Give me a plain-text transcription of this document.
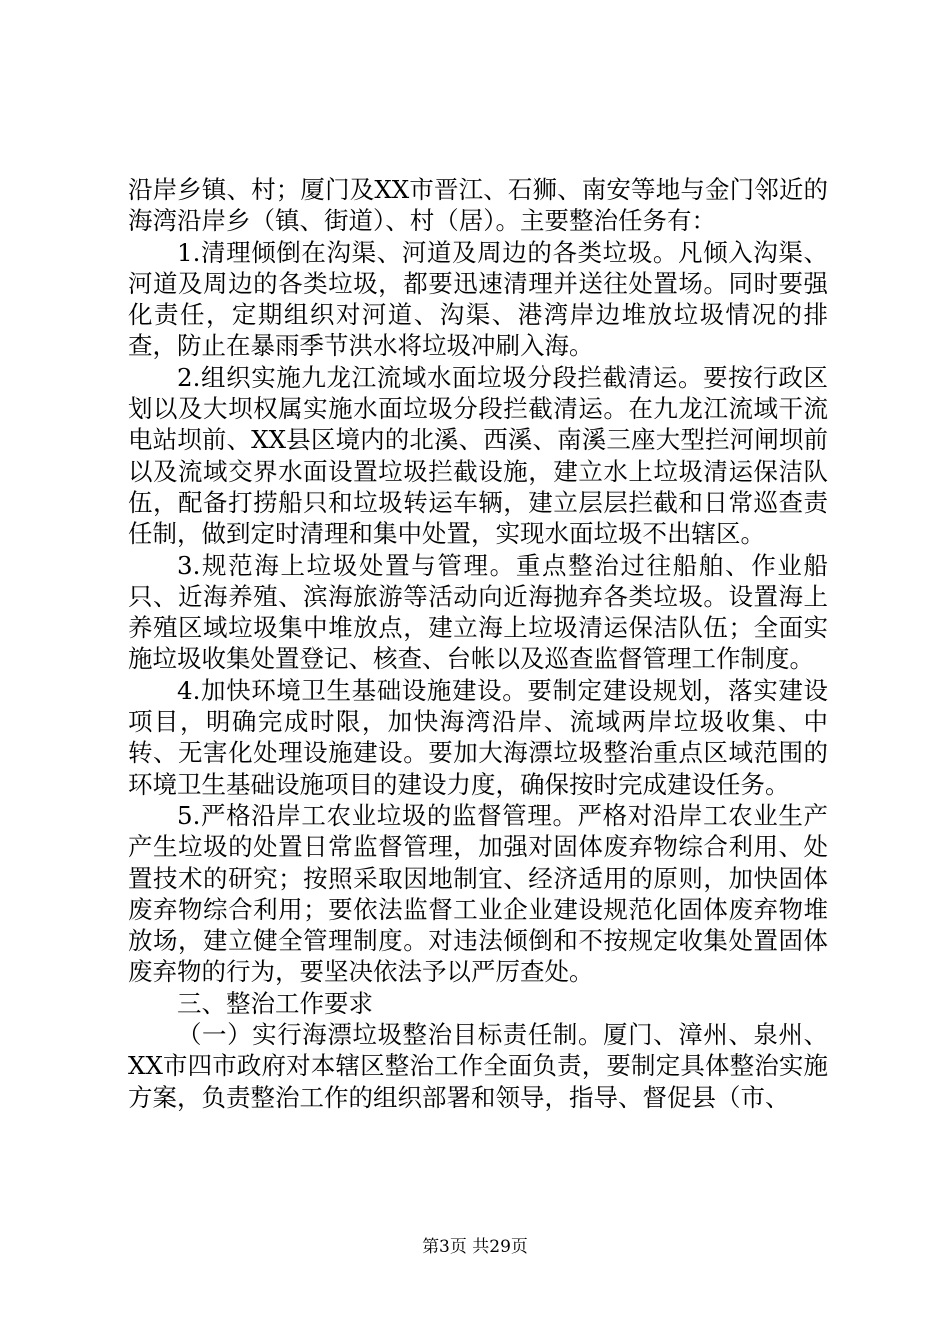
沿岸乡镇、村；厦门及XX市晋江、石狮、南安等地与金门邻近的海湾沿岸乡（镇、街道）、村（居）。主要整治任务有：

1.清理倾倒在沟渠、河道及周边的各类垃圾。凡倾入沟渠、河道及周边的各类垃圾，都要迅速清理并送往处置场。同时要强化责任，定期组织对河道、沟渠、港湾岸边堆放垃圾情况的排查，防止在暴雨季节洪水将垃圾冲刷入海。

2.组织实施九龙江流域水面垃圾分段拦截清运。要按行政区划以及大坝权属实施水面垃圾分段拦截清运。在九龙江流域干流电站坝前、XX县区境内的北溪、西溪、南溪三座大型拦河闸坝前以及流域交界水面设置垃圾拦截设施，建立水上垃圾清运保洁队伍，配备打捞船只和垃圾转运车辆，建立层层拦截和日常巡查责任制，做到定时清理和集中处置，实现水面垃圾不出辖区。

3.规范海上垃圾处置与管理。重点整治过往船舶、作业船只、近海养殖、滨海旅游等活动向近海抛弃各类垃圾。设置海上养殖区域垃圾集中堆放点，建立海上垃圾清运保洁队伍；全面实施垃圾收集处置登记、核查、台帐以及巡查监督管理工作制度。

4.加快环境卫生基础设施建设。要制定建设规划，落实建设项目，明确完成时限，加快海湾沿岸、流域两岸垃圾收集、中转、无害化处理设施建设。要加大海漂垃圾整治重点区域范围的环境卫生基础设施项目的建设力度，确保按时完成建设任务。

5.严格沿岸工农业垃圾的监督管理。严格对沿岸工农业生产产生垃圾的处置日常监督管理，加强对固体废弃物综合利用、处置技术的研究；按照采取因地制宜、经济适用的原则，加快固体废弃物综合利用；要依法监督工业企业建设规范化固体废弃物堆放场，建立健全管理制度。对违法倾倒和不按规定收集处置固体废弃物的行为，要坚决依法予以严厉查处。

三、整治工作要求

（一）实行海漂垃圾整治目标责任制。厦门、漳州、泉州、XX市四市政府对本辖区整治工作全面负责，要制定具体整治实施方案，负责整治工作的组织部署和领导，指导、督促县（市、

第3页 共29页
